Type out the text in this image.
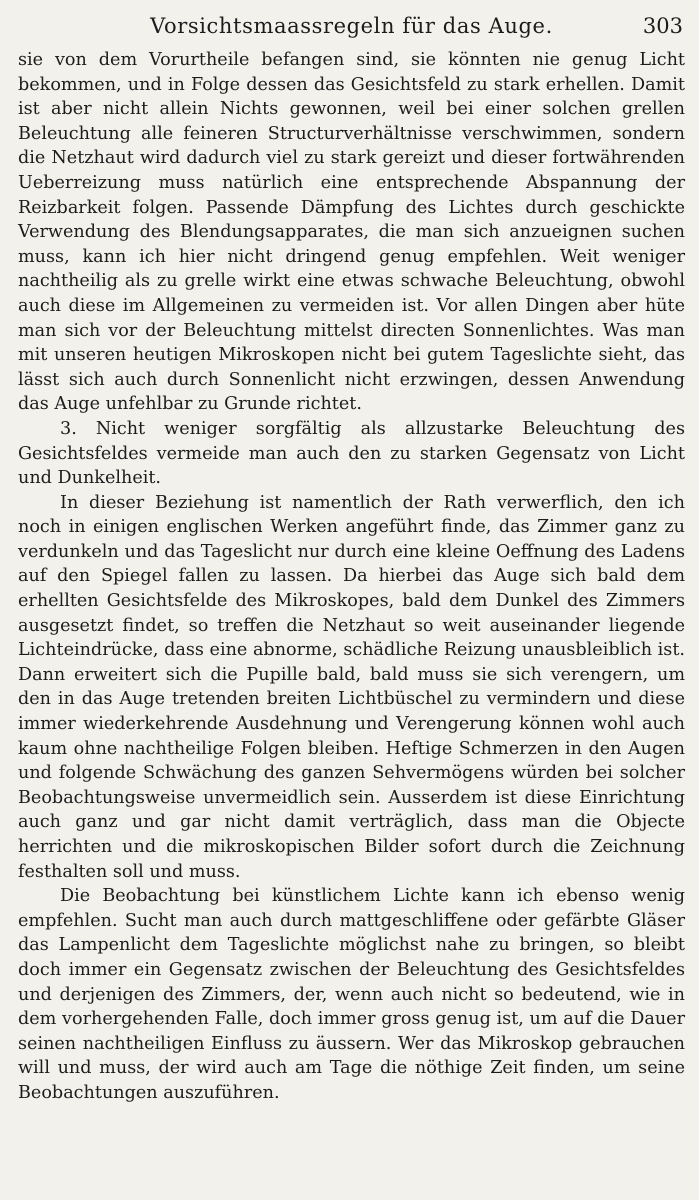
Vorsichtsmaassregeln für das Auge.	303

sie von dem Vorurtheile befangen sind, sie könnten nie genug Licht bekommen, und in Folge dessen das Gesichtsfeld zu stark erhellen. Damit ist aber nicht allein Nichts gewonnen, weil bei einer solchen grellen Beleuchtung alle feineren Structurverhältnisse verschwimmen, sondern die Netzhaut wird dadurch viel zu stark gereizt und dieser fortwährenden Ueberreizung muss natürlich eine entsprechende Abspannung der Reizbarkeit folgen. Passende Dämpfung des Lichtes durch geschickte Verwendung des Blendungsapparates, die man sich anzueignen suchen muss, kann ich hier nicht dringend genug empfehlen. Weit weniger nachtheilig als zu grelle wirkt eine etwas schwache Beleuchtung, obwohl auch diese im Allgemeinen zu vermeiden ist. Vor allen Dingen aber hüte man sich vor der Beleuchtung mittelst directen Sonnenlichtes. Was man mit unseren heutigen Mikroskopen nicht bei gutem Tageslichte sieht, das lässt sich auch durch Sonnenlicht nicht erzwingen, dessen Anwendung das Auge unfehlbar zu Grunde richtet.

3. Nicht weniger sorgfältig als allzustarke Beleuchtung des Gesichtsfeldes vermeide man auch den zu starken Gegensatz von Licht und Dunkelheit.

In dieser Beziehung ist namentlich der Rath verwerflich, den ich noch in einigen englischen Werken angeführt finde, das Zimmer ganz zu verdunkeln und das Tageslicht nur durch eine kleine Oeffnung des Ladens auf den Spiegel fallen zu lassen. Da hierbei das Auge sich bald dem erhellten Gesichtsfelde des Mikroskopes, bald dem Dunkel des Zimmers ausgesetzt findet, so treffen die Netzhaut so weit auseinander liegende Lichteindrücke, dass eine abnorme, schädliche Reizung unausbleiblich ist. Dann erweitert sich die Pupille bald, bald muss sie sich verengern, um den in das Auge tretenden breiten Lichtbüschel zu vermindern und diese immer wiederkehrende Ausdehnung und Verengerung können wohl auch kaum ohne nachtheilige Folgen bleiben. Heftige Schmerzen in den Augen und folgende Schwächung des ganzen Sehvermögens würden bei solcher Beobachtungsweise unvermeidlich sein. Ausserdem ist diese Einrichtung auch ganz und gar nicht damit verträglich, dass man die Objecte herrichten und die mikroskopischen Bilder sofort durch die Zeichnung festhalten soll und muss.

Die Beobachtung bei künstlichem Lichte kann ich ebenso wenig empfehlen. Sucht man auch durch mattgeschliffene oder gefärbte Gläser das Lampenlicht dem Tageslichte möglichst nahe zu bringen, so bleibt doch immer ein Gegensatz zwischen der Beleuchtung des Gesichtsfeldes und derjenigen des Zimmers, der, wenn auch nicht so bedeutend, wie in dem vorhergehenden Falle, doch immer gross genug ist, um auf die Dauer seinen nachtheiligen Einfluss zu äussern. Wer das Mikroskop gebrauchen will und muss, der wird auch am Tage die nöthige Zeit finden, um seine Beobachtungen auszuführen.
